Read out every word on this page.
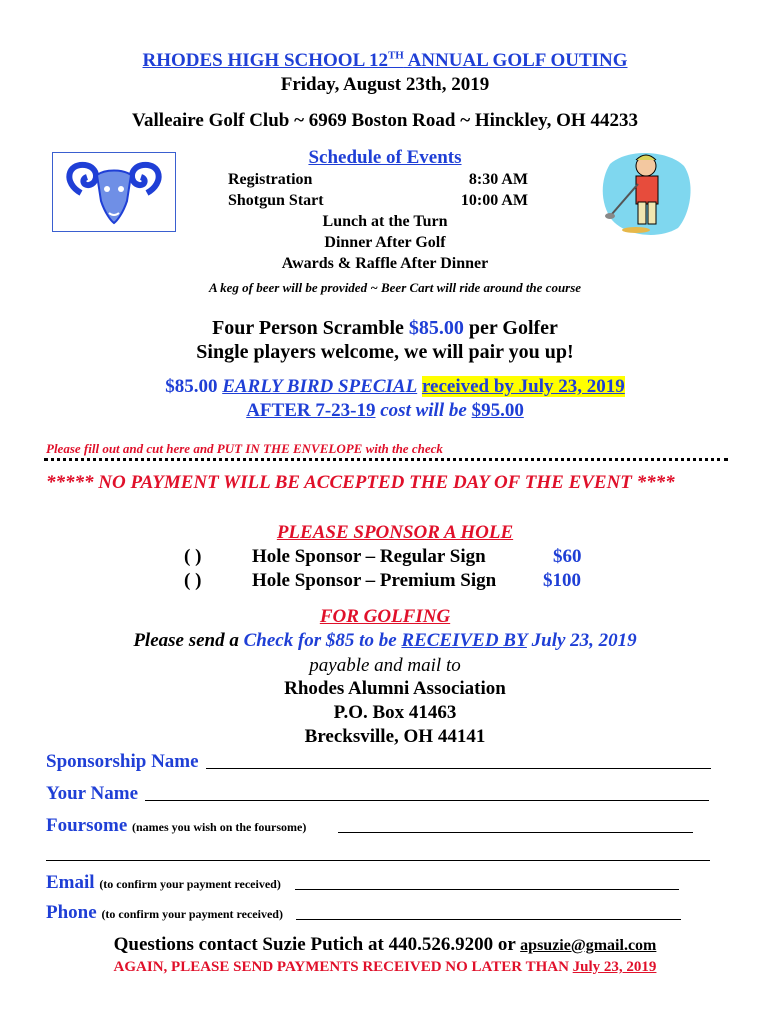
RHODES HIGH SCHOOL 12TH ANNUAL GOLF OUTING
Friday, August 23th, 2019
Valleaire Golf Club ~ 6969 Boston Road ~ Hinckley, OH 44233
Schedule of Events
Registration	8:30 AM
Shotgun Start	10:00 AM
Lunch at the Turn
Dinner After Golf
Awards & Raffle After Dinner
A keg of beer will be provided ~ Beer Cart will ride around the course
Four Person Scramble $85.00 per Golfer
Single players welcome, we will pair you up!
$85.00 EARLY BIRD SPECIAL received by July 23, 2019
AFTER 7-23-19 cost will be $95.00
Please fill out and cut here and PUT IN THE ENVELOPE with the check
***** NO PAYMENT WILL BE ACCEPTED THE DAY OF THE EVENT ****
PLEASE SPONSOR A HOLE
( )	Hole Sponsor – Regular Sign	$60
( )	Hole Sponsor – Premium Sign $100
FOR GOLFING
Please send a Check for $85 to be RECEIVED BY July 23, 2019
payable and mail to
Rhodes Alumni Association
P.O. Box 41463
Brecksville, OH 44141
Sponsorship Name
Your Name
Foursome (names you wish on the foursome)
Email (to confirm your payment received)
Phone (to confirm your payment received)
Questions contact Suzie Putich at 440.526.9200 or apsuzie@gmail.com
AGAIN, PLEASE SEND PAYMENTS RECEIVED NO LATER THAN July 23, 2019
